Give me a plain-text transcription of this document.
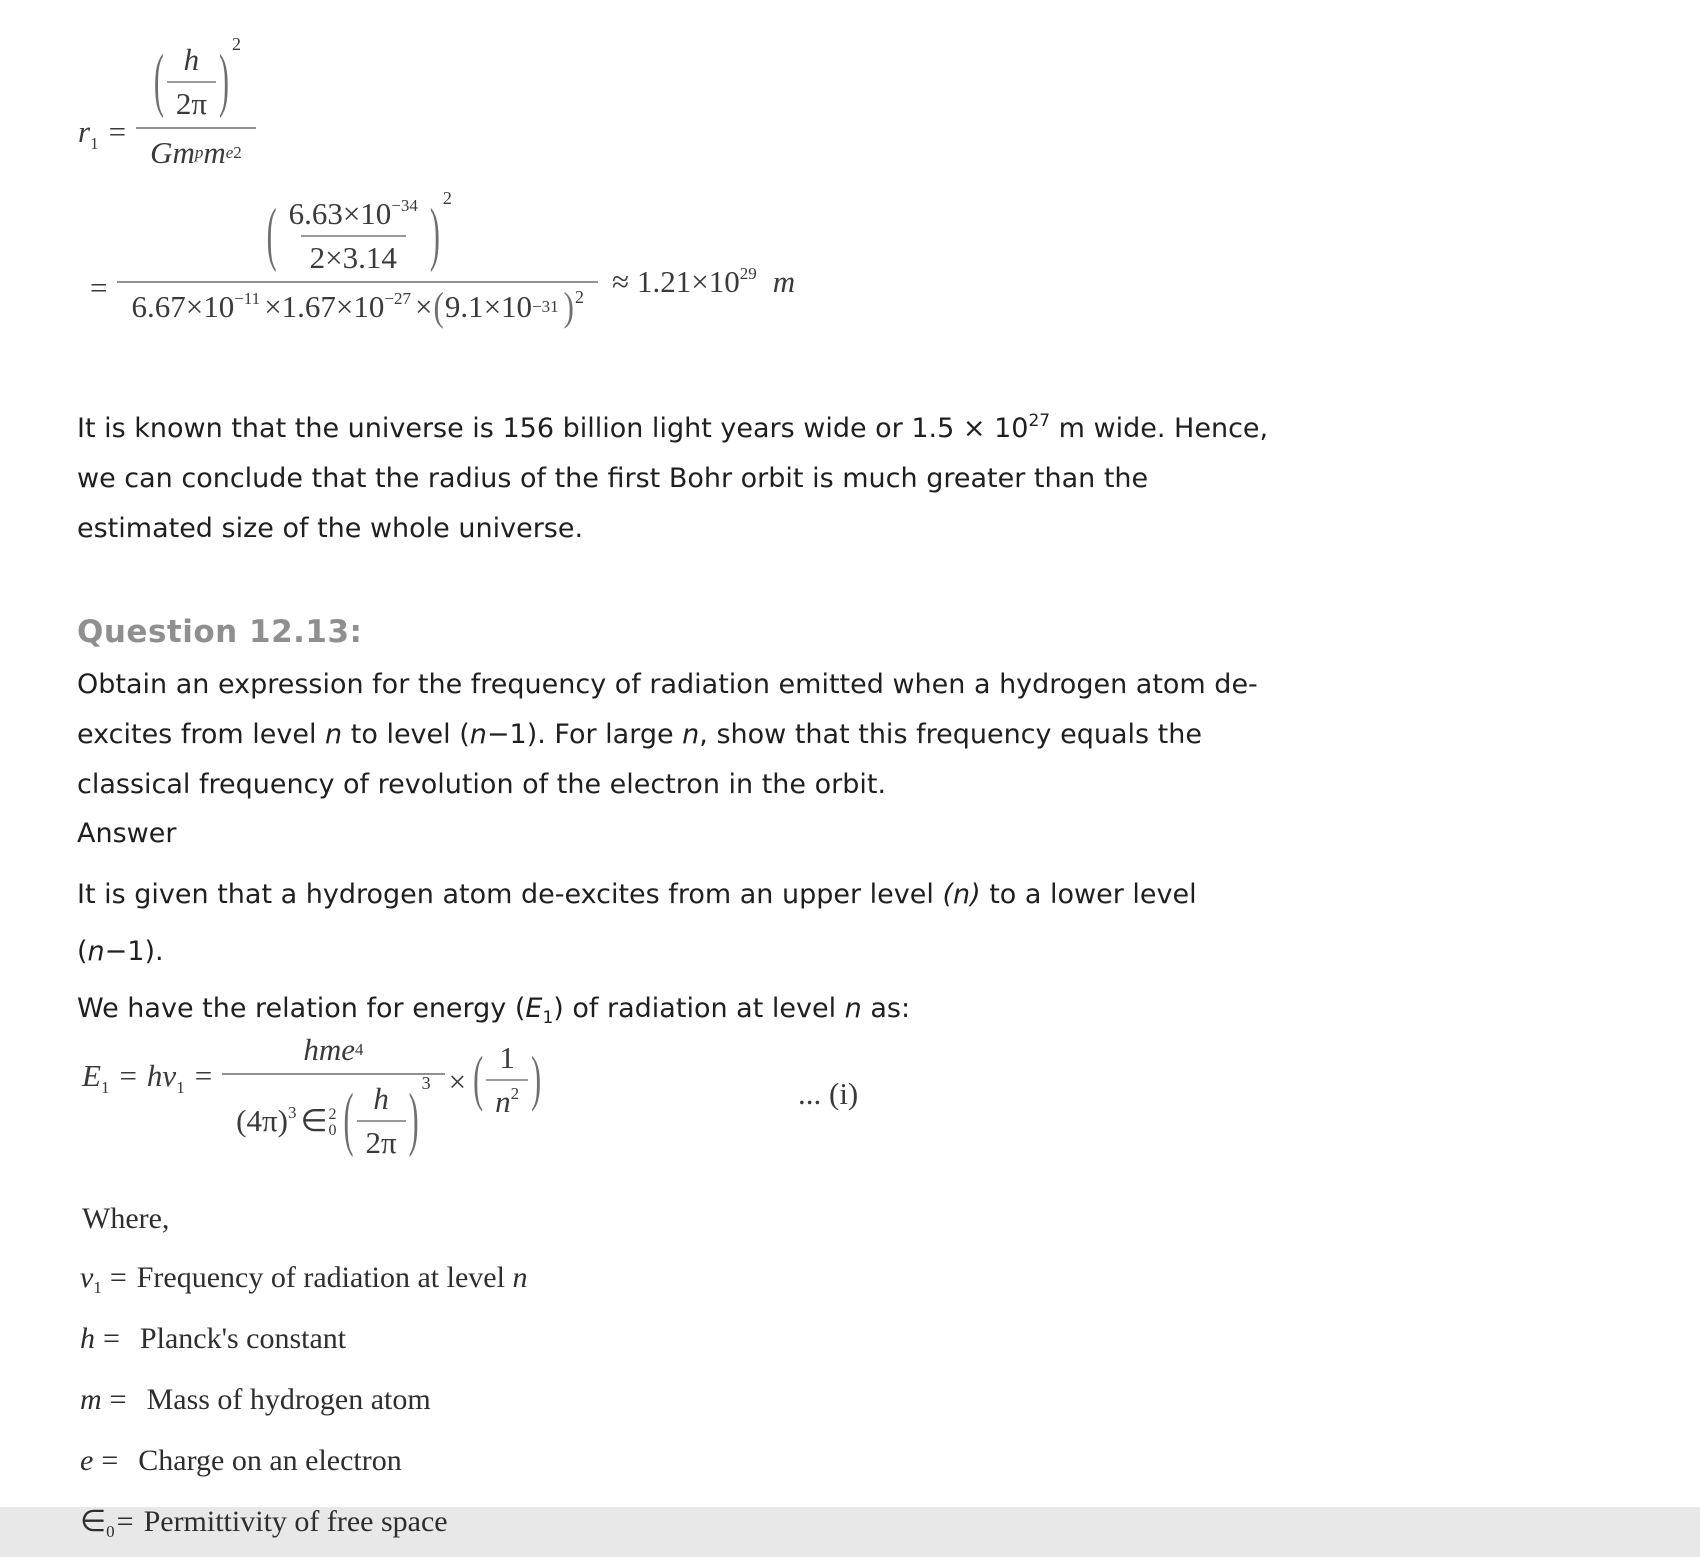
$r_1 = \frac{( \frac{h}{2\pi} ) 2}{\text{Gm p m e 2}}$
= $\frac{( \frac{6.63\times 10^{-34}}{2\times 3.14} ) 2}{6.67\times 10^{-11} \times 1.67\times 10^{-27} \times ( 9.1\times 10 -31 ) 2} \approx 1.21\times 10^{29}$ m
It is known that the universe is 156 billion light years wide or $1.5 \times 10^{27}$ m wide. Hence,
we can conclude that the radius of the first Bohr orbit is much greater than the
estimated size of the whole universe.
Question 12.13:
Obtain an expression for the frequency of radiation emitted when a hydrogen atom de-
excites from level n to level (n−1). For large n, show that this frequency equals the
classical frequency of revolution of the electron in the orbit.
Answer
It is given that a hydrogen atom de-excites from an upper level (n) to a lower level
(n−1).
We have the relation for energy $(E_1)$ of radiation at level n as:
$E_1 = h\nu_1$ = hme 4
$(4\pi)^3$ ∈ 2
0 ( $\frac{h}{2\pi}$ ) 3 × ( $\frac{1}{n^2}$ )	... (i)
Where,
$\nu_1$ = Frequency of radiation at level n
h = Planck's constant
m = Mass of hydrogen atom
e = Charge on an electron
$\in_0=$ Permittivity of free space
